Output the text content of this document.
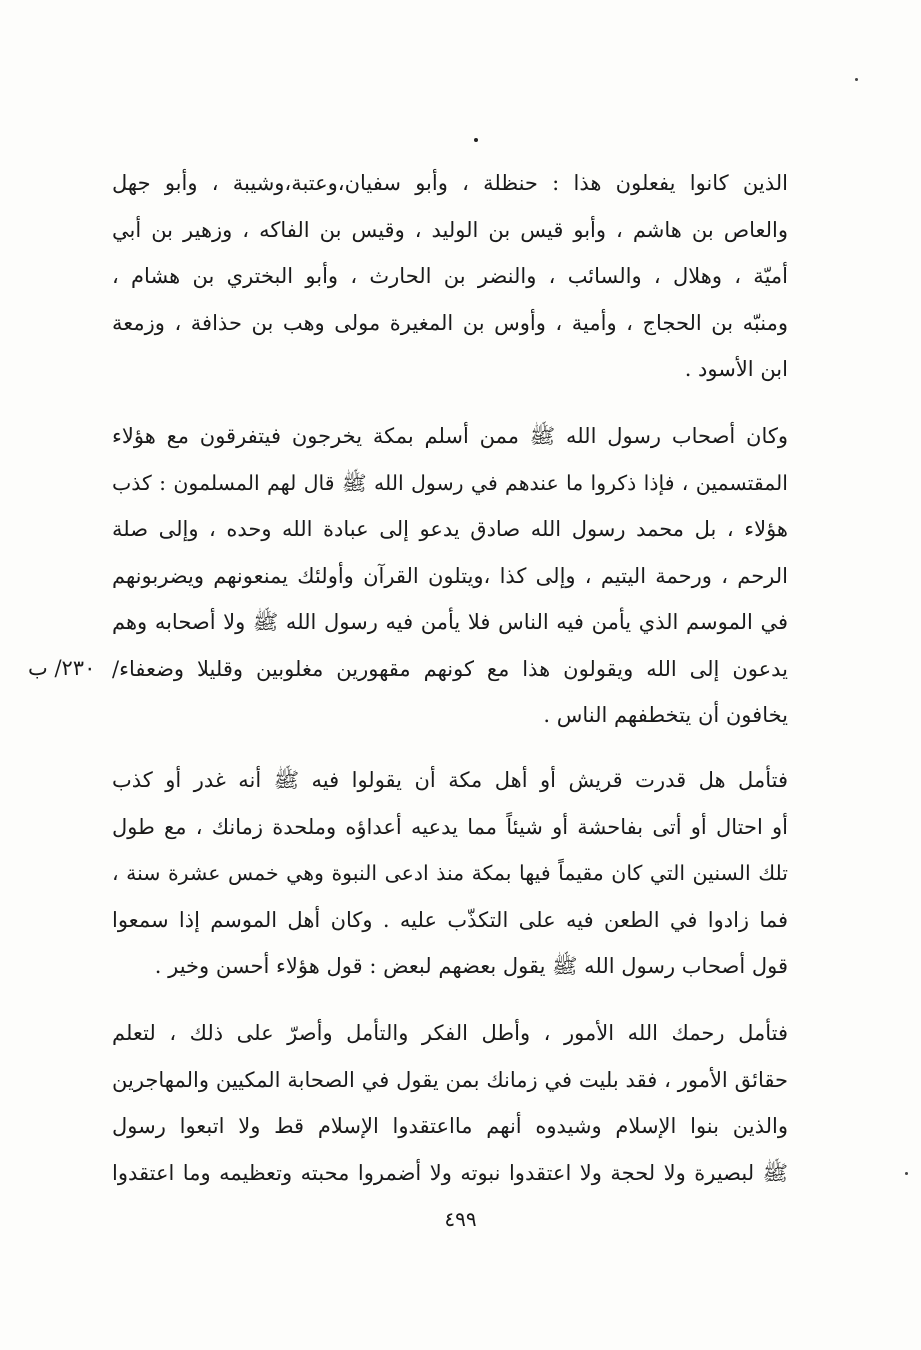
الذين كانوا يفعلون هذا : حنظلة ، وأبو سفيان،وعتبة،وشيبة ، وأبو جهل
والعاص بن هاشم ، وأبو قيس بن الوليد ، وقيس بن الفاكه ، وزهير بن أبي
أميّة ، وهلال ، والسائب ، والنضر بن الحارث ، وأبو البختري بن هشام ،
ومنبّه بن الحجاج ، وأمية ، وأوس بن المغيرة مولى وهب بن حذافة ، وزمعة
ابن الأسود .
وكان أصحاب رسول الله ﷺ ممن أسلم بمكة يخرجون فيتفرقون مع هؤلاء
المقتسمين ، فإذا ذكروا ما عندهم في رسول الله ﷺ قال لهم المسلمون : كذب
هؤلاء ، بل محمد رسول الله صادق يدعو إلى عبادة الله وحده ، وإلى صلة
الرحم ، ورحمة اليتيم ، وإلى كذا ،ويتلون القرآن وأولئك يمنعونهم ويضربونهم
في الموسم الذي يأمن فيه الناس فلا يأمن فيه رسول الله ﷺ ولا أصحابه وهم
يدعون إلى الله ويقولون هذا مع كونهم مقهورين مغلوبين وقليلا وضعفاء/
يخافون أن يتخطفهم الناس .
٢٣٠/ ب
فتأمل هل قدرت قريش أو أهل مكة أن يقولوا فيه ﷺ أنه غدر أو كذب
أو احتال أو أتى بفاحشة أو شيئاً مما يدعيه أعداؤه وملحدة زمانك ، مع طول
تلك السنين التي كان مقيماً فيها بمكة منذ ادعى النبوة وهي خمس عشرة سنة ،
فما زادوا في الطعن فيه على التكذّب عليه . وكان أهل الموسم إذا سمعوا
قول أصحاب رسول الله ﷺ يقول بعضهم لبعض : قول هؤلاء أحسن وخير .
فتأمل رحمك الله الأمور ، وأطل الفكر والتأمل وأصرّ على ذلك ، لتعلم
حقائق الأمور ، فقد بليت في زمانك بمن يقول في الصحابة المكيين والمهاجرين
والذين بنوا الإسلام وشيدوه أنهم مااعتقدوا الإسلام قط ولا اتبعوا رسول
ﷺ لبصيرة ولا لحجة ولا اعتقدوا نبوته ولا أضمروا محبته وتعظيمه وما اعتقدوا
٤٩٩
